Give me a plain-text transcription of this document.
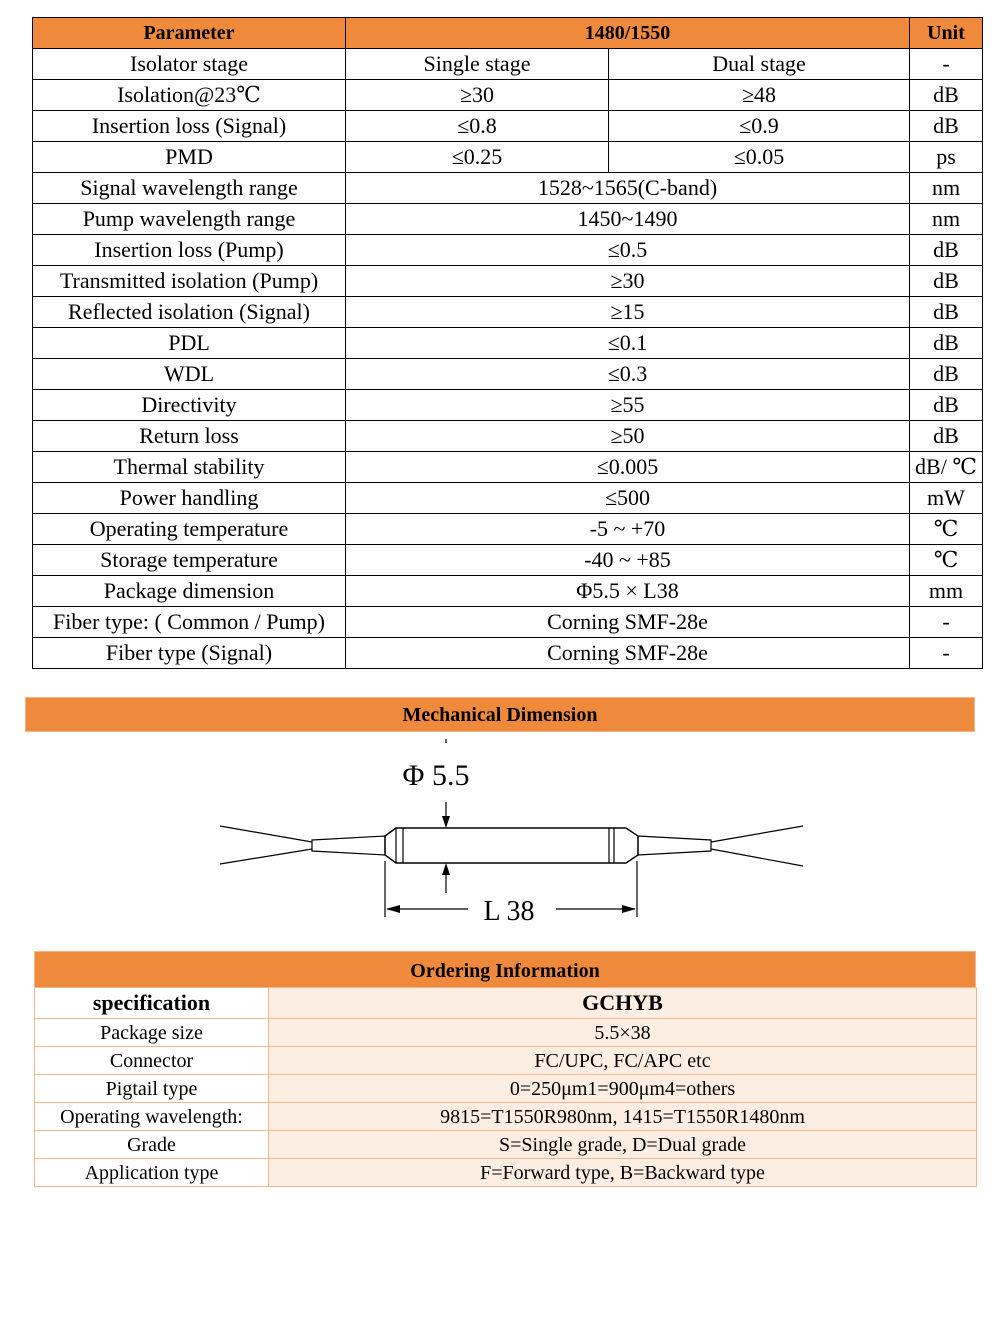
Parameter	1480/1550		Unit
Isolator stage	Single stage	Dual stage	-
Isolation@23℃	≥30	≥48	dB
Insertion loss (Signal)	≤0.8	≤0.9	dB
PMD	≤0.25	≤0.05	ps
Signal wavelength range	1528~1565(C-band)		nm
Pump wavelength range	1450~1490		nm
Insertion loss (Pump)	≤0.5		dB
Transmitted isolation (Pump)	≥30		dB
Reflected isolation (Signal)	≥15		dB
PDL	≤0.1		dB
WDL	≤0.3		dB
Directivity	≥55		dB
Return loss	≥50		dB
Thermal stability	≤0.005		dB/ ℃
Power handling	≤500		mW
Operating temperature	-5 ~ +70		℃
Storage temperature	-40 ~ +85		℃
Package dimension	Φ5.5 × L38		mm
Fiber type: ( Common / Pump)	Corning SMF-28e		-
Fiber type (Signal)	Corning SMF-28e		-
Mechanical Dimension
Φ 5.5
L 38
Ordering Information
specification	GCHYB
Package size	5.5×38
Connector	FC/UPC, FC/APC etc
Pigtail type	0=250μm1=900μm4=others
Operating wavelength:	9815=T1550R980nm, 1415=T1550R1480nm
Grade	S=Single grade, D=Dual grade
Application type	F=Forward type, B=Backward type
